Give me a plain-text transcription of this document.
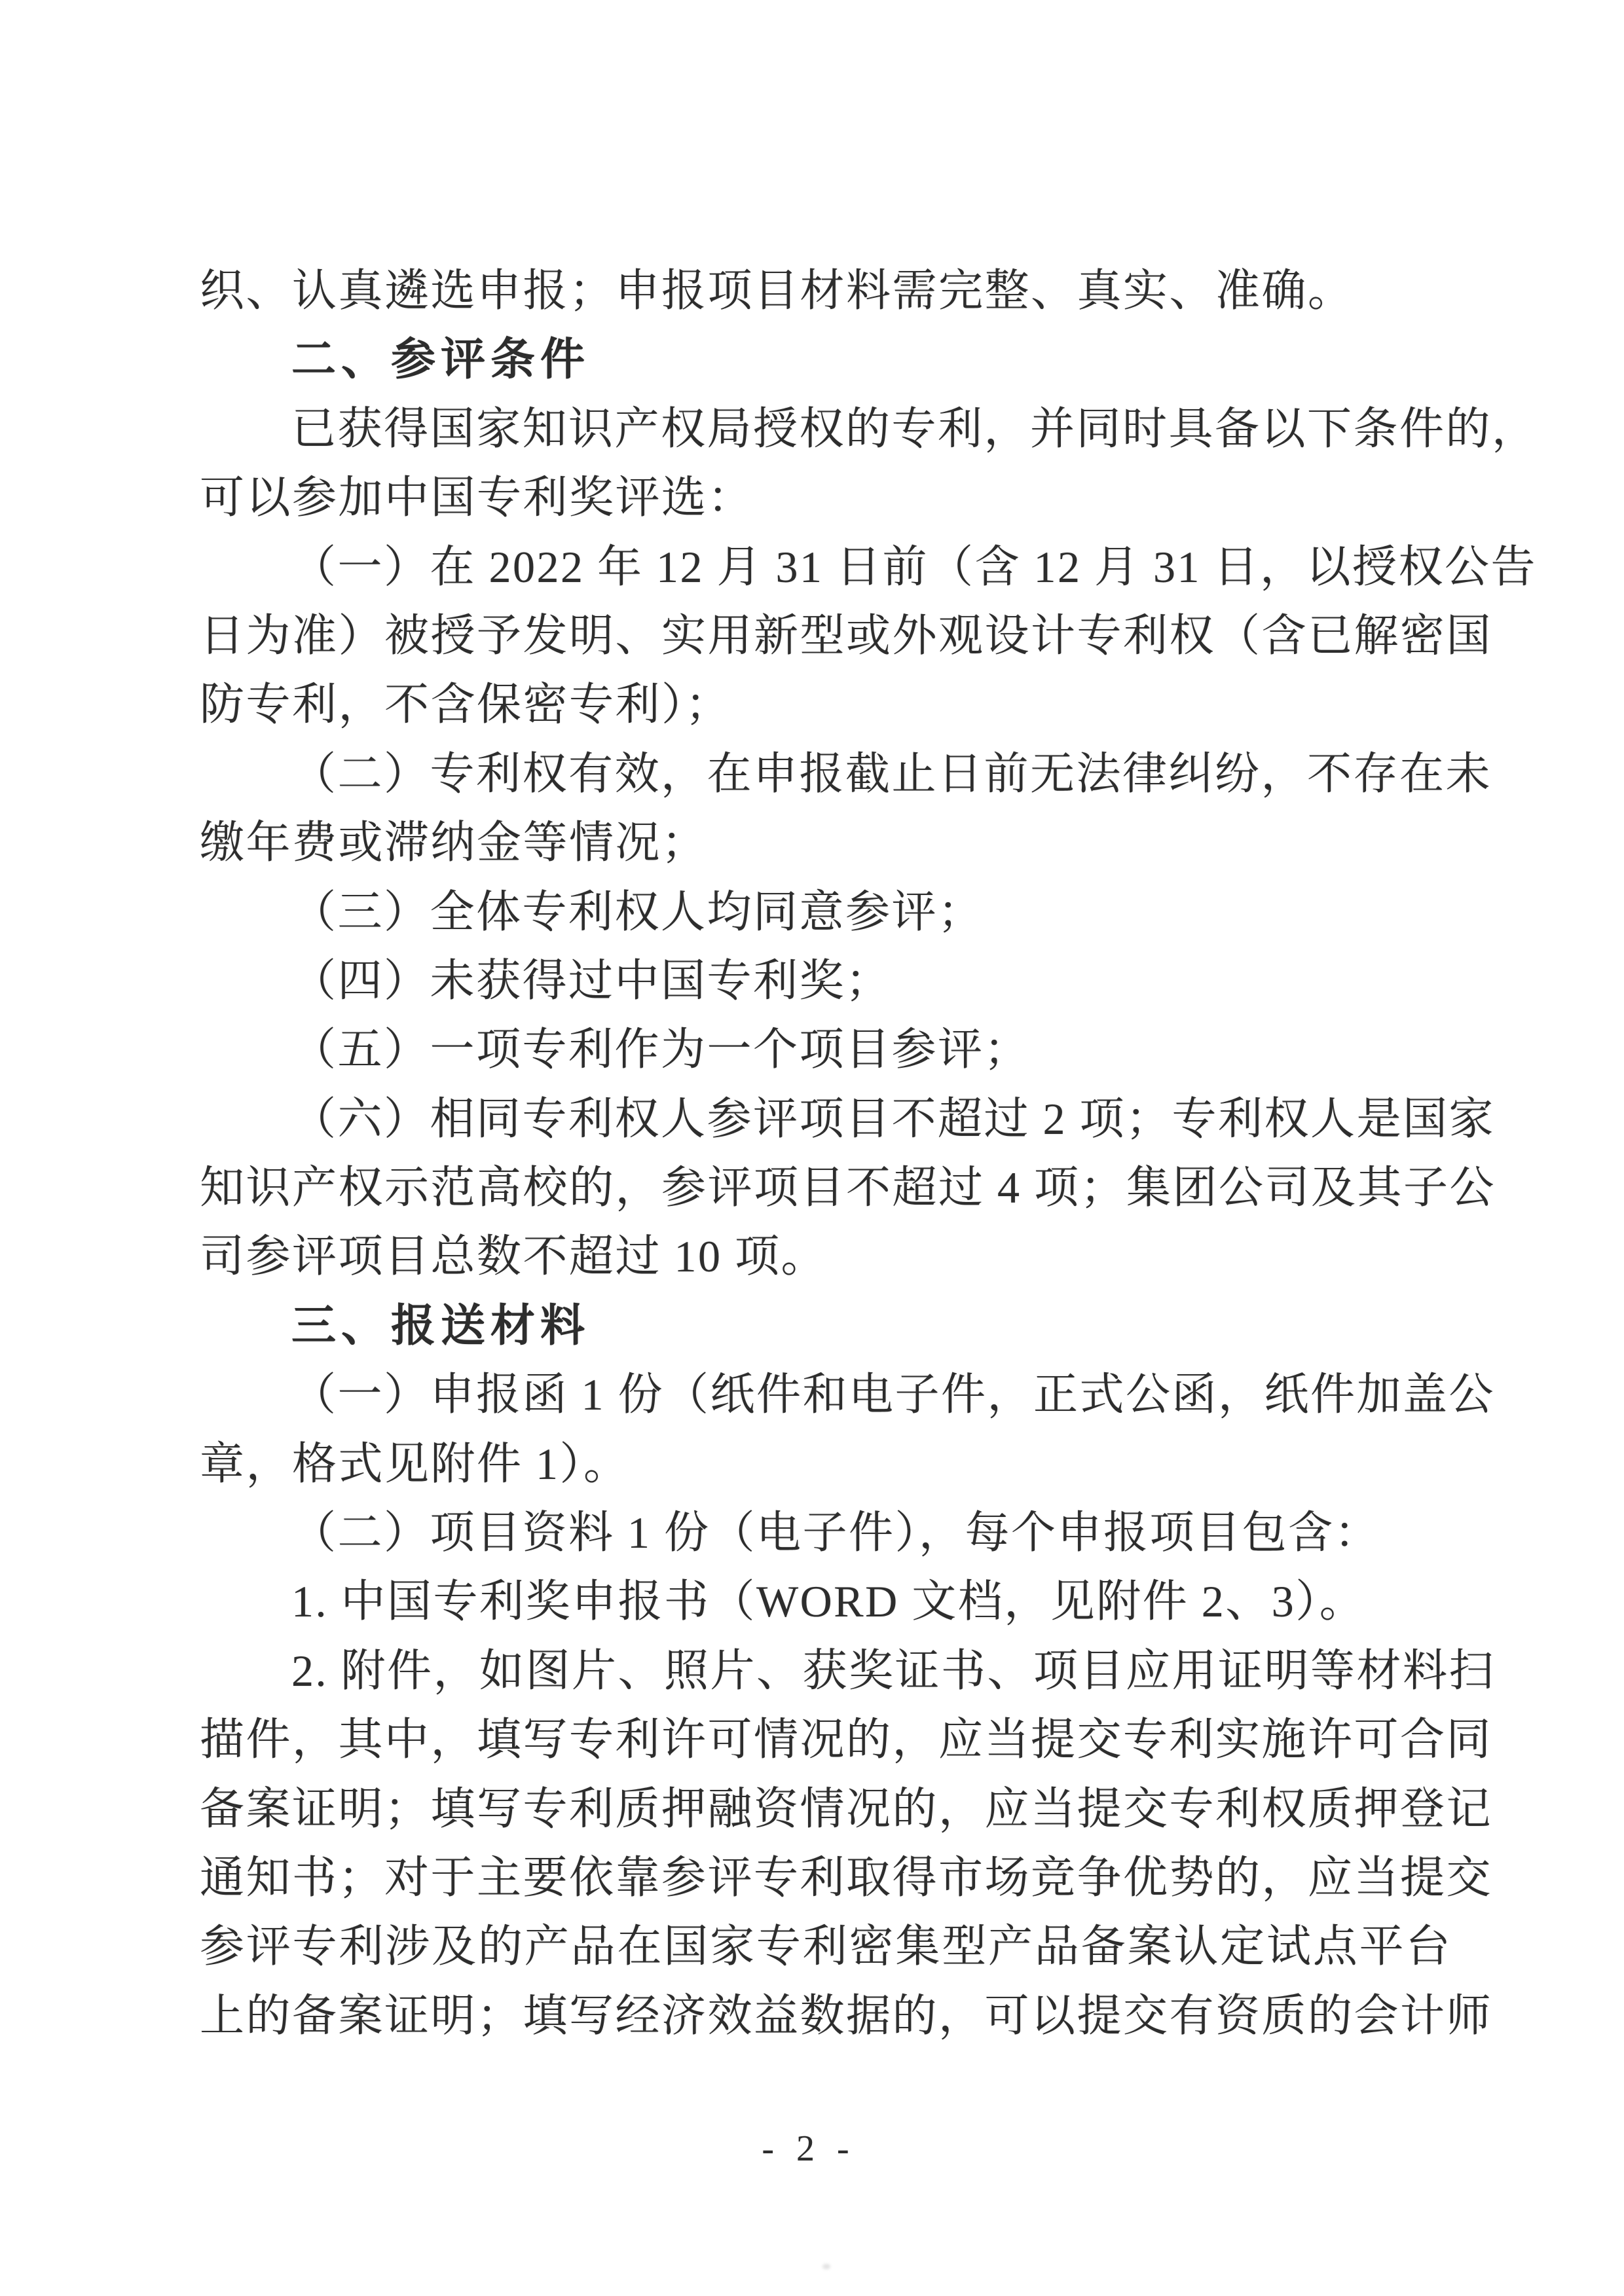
织、认真遴选申报；申报项目材料需完整、真实、准确。
二、参评条件
已获得国家知识产权局授权的专利，并同时具备以下条件的，
可以参加中国专利奖评选：
（一）在 2022 年 12 月 31 日前（含 12 月 31 日，以授权公告
日为准）被授予发明、实用新型或外观设计专利权（含已解密国
防专利，不含保密专利）；
（二）专利权有效，在申报截止日前无法律纠纷，不存在未
缴年费或滞纳金等情况；
（三）全体专利权人均同意参评；
（四）未获得过中国专利奖；
（五）一项专利作为一个项目参评；
（六）相同专利权人参评项目不超过 2 项；专利权人是国家
知识产权示范高校的，参评项目不超过 4 项；集团公司及其子公
司参评项目总数不超过 10 项。
三、报送材料
（一）申报函 1 份（纸件和电子件，正式公函，纸件加盖公
章，格式见附件 1）。
（二）项目资料 1 份（电子件），每个申报项目包含：
1. 中国专利奖申报书（WORD 文档，见附件 2、3）。
2. 附件，如图片、照片、获奖证书、项目应用证明等材料扫
描件，其中，填写专利许可情况的，应当提交专利实施许可合同
备案证明；填写专利质押融资情况的，应当提交专利权质押登记
通知书；对于主要依靠参评专利取得市场竞争优势的，应当提交
参评专利涉及的产品在国家专利密集型产品备案认定试点平台
上的备案证明；填写经济效益数据的，可以提交有资质的会计师
- 2 -
